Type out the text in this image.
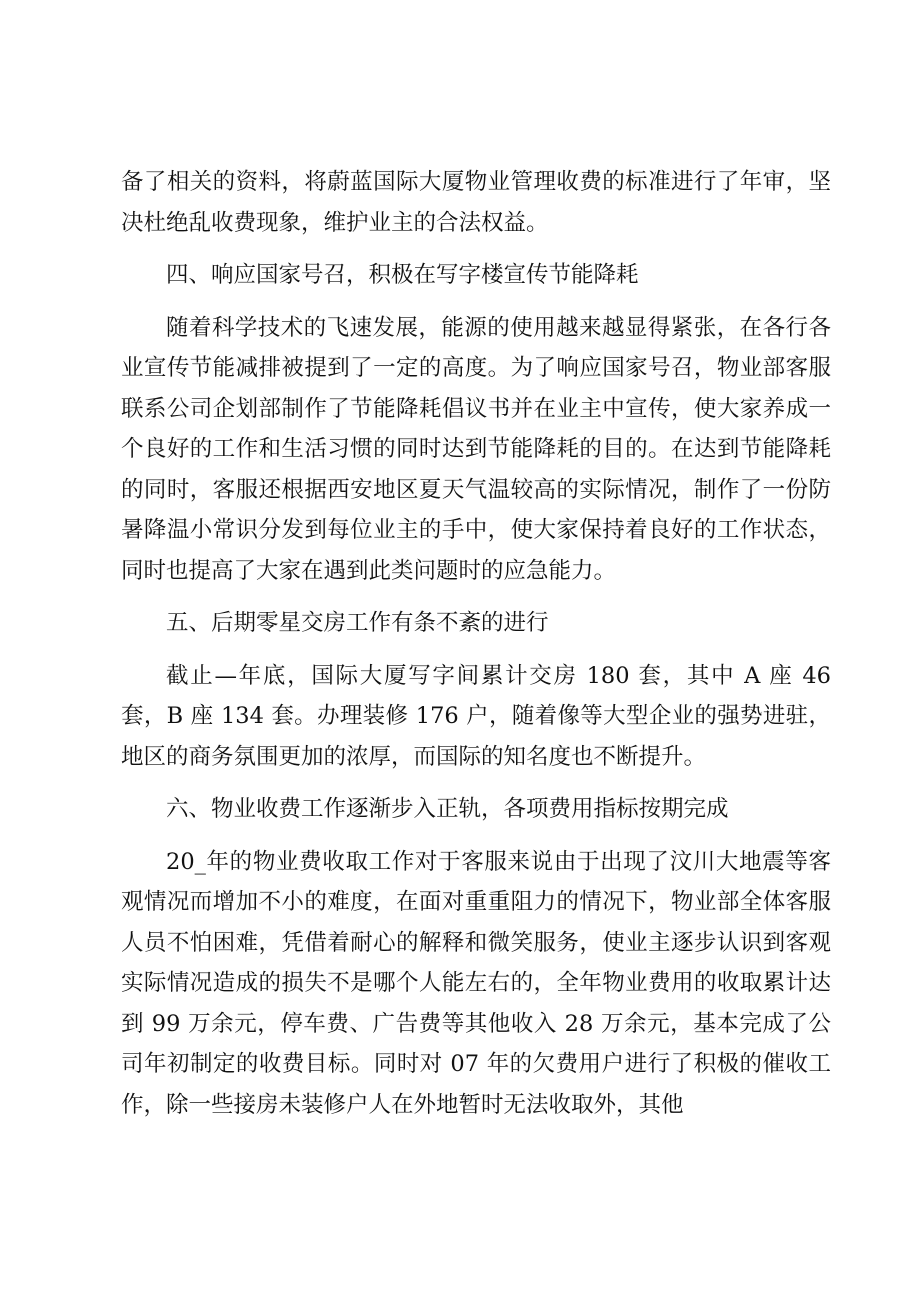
备了相关的资料，将蔚蓝国际大厦物业管理收费的标准进行了年审，坚决杜绝乱收费现象，维护业主的合法权益。

四、响应国家号召，积极在写字楼宣传节能降耗

随着科学技术的飞速发展，能源的使用越来越显得紧张，在各行各业宣传节能减排被提到了一定的高度。为了响应国家号召，物业部客服联系公司企划部制作了节能降耗倡议书并在业主中宣传，使大家养成一个良好的工作和生活习惯的同时达到节能降耗的目的。在达到节能降耗的同时，客服还根据西安地区夏天气温较高的实际情况，制作了一份防暑降温小常识分发到每位业主的手中，使大家保持着良好的工作状态，同时也提高了大家在遇到此类问题时的应急能力。

五、后期零星交房工作有条不紊的进行

截止—年底，国际大厦写字间累计交房 180 套，其中 A 座 46 套，B 座 134 套。办理装修 176 户，随着像等大型企业的强势进驻，地区的商务氛围更加的浓厚，而国际的知名度也不断提升。

六、物业收费工作逐渐步入正轨，各项费用指标按期完成

20_年的物业费收取工作对于客服来说由于出现了汶川大地震等客观情况而增加不小的难度，在面对重重阻力的情况下，物业部全体客服人员不怕困难，凭借着耐心的解释和微笑服务，使业主逐步认识到客观实际情况造成的损失不是哪个人能左右的，全年物业费用的收取累计达到 99 万余元，停车费、广告费等其他收入 28 万余元，基本完成了公司年初制定的收费目标。同时对 07 年的欠费用户进行了积极的催收工作，除一些接房未装修户人在外地暂时无法收取外，其他
